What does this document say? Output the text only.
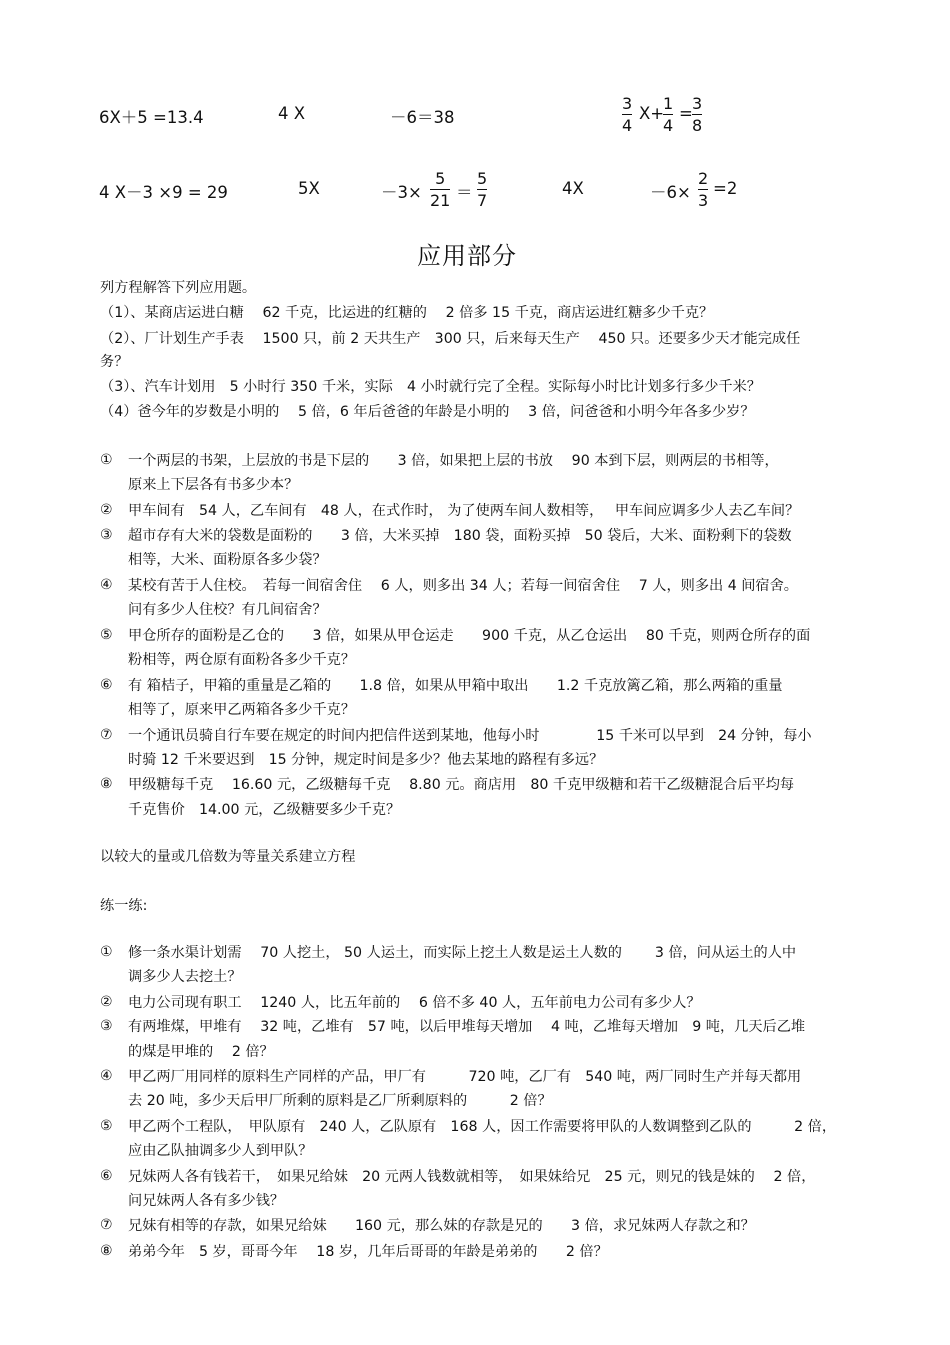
6X＋5 =13.4	4 X	－6＝38
3
4
X+
1
4
=
3
8
4 X－3 ×9 = 29	5X	－3×
5
21 ＝
5
7
4X	－6×
2
3
=2
应用部分
列方程解答下列应用题。
（1）、某商店运进白糖　 62 千克，比运进的红糖的　 2 倍多 15 千克，商店运进红糖多少千克？
（2）、厂计划生产手表　 1500 只，前 2 天共生产　300 只，后来每天生产　 450 只。还要多少天才能完成任
务？
（3）、汽车计划用　5 小时行 350 千米，实际　4 小时就行完了全程。实际每小时比计划多行多少千米？
（4）爸今年的岁数是小明的　 5 倍，6 年后爸爸的年龄是小明的　 3 倍，问爸爸和小明今年各多少岁？
① 一个两层的书架，上层放的书是下层的　　3 倍，如果把上层的书放　 90 本到下层，则两层的书相等，
原来上下层各有书多少本？
② 甲车间有　54 人，乙车间有　48 人，在式作时， 为了使两车间人数相等，　 甲车间应调多少人去乙车间？
③ 超市存有大米的袋数是面粉的　　3 倍，大米买掉　180 袋，面粉买掉　50 袋后，大米、面粉剩下的袋数
相等，大米、面粉原各多少袋？
④ 某校有苦于人住校。　若每一间宿舍住　 6 人，则多出 34 人；若每一间宿舍住　 7 人，则多出 4 间宿舍。
问有多少人住校？有几间宿舍？
⑤ 甲仓所存的面粉是乙仓的　　3 倍，如果从甲仓运走　　900 千克，从乙仓运出　 80 千克，则两仓所存的面
粉相等，两仓原有面粉各多少千克？
⑥ 有 箱桔子，甲箱的重量是乙箱的　　1.8 倍，如果从甲箱中取出　　1.2 千克放篱乙箱，那么两箱的重量
相等了，原来甲乙两箱各多少千克？
⑦ 一个通讯员骑自行车要在规定的时间内把信件送到某地，他每小时　　　　15 千米可以早到　24 分钟，每小
时骑 12 千米要迟到　15 分钟，规定时间是多少？他去某地的路程有多远？
⑧ 甲级糖每千克　 16.60 元，乙级糖每千克　 8.80 元。商店用　80 千克甲级糖和若干乙级糖混合后平均每
千克售价　14.00 元，乙级糖要多少千克？
以较大的量或几倍数为等量关系建立方程
练一练:
① 修一条水渠计划需　 70 人挖土， 50 人运土，而实际上挖土人数是运土人数的　　 3 倍，问从运土的人中
调多少人去挖土？
② 电力公司现有职工　 1240 人，比五年前的　 6 倍不多 40 人，五年前电力公司有多少人？
③ 有两堆煤，甲堆有　 32 吨，乙堆有　57 吨，以后甲堆每天增加　 4 吨，乙堆每天增加　9 吨，几天后乙堆
的煤是甲堆的　 2 倍？
④ 甲乙两厂用同样的原料生产同样的产品，甲厂有　　　720 吨，乙厂有　540 吨，两厂同时生产并每天都用
去 20 吨，多少天后甲厂所剩的原料是乙厂所剩原料的　　　2 倍？
⑤ 甲乙两个工程队，　甲队原有　240 人，乙队原有　168 人，因工作需要将甲队的人数调整到乙队的　　　2 倍，
应由乙队抽调多少人到甲队？
⑥ 兄妹两人各有钱若干，　如果兄给妹　20 元两人钱数就相等，　如果妹给兄　25 元，则兄的钱是妹的　 2 倍，
问兄妹两人各有多少钱？
⑦ 兄妹有相等的存款，如果兄给妹　　160 元，那么妹的存款是兄的　　3 倍，求兄妹两人存款之和？
⑧ 弟弟今年　5 岁，哥哥今年　 18 岁，几年后哥哥的年龄是弟弟的　　2 倍？
